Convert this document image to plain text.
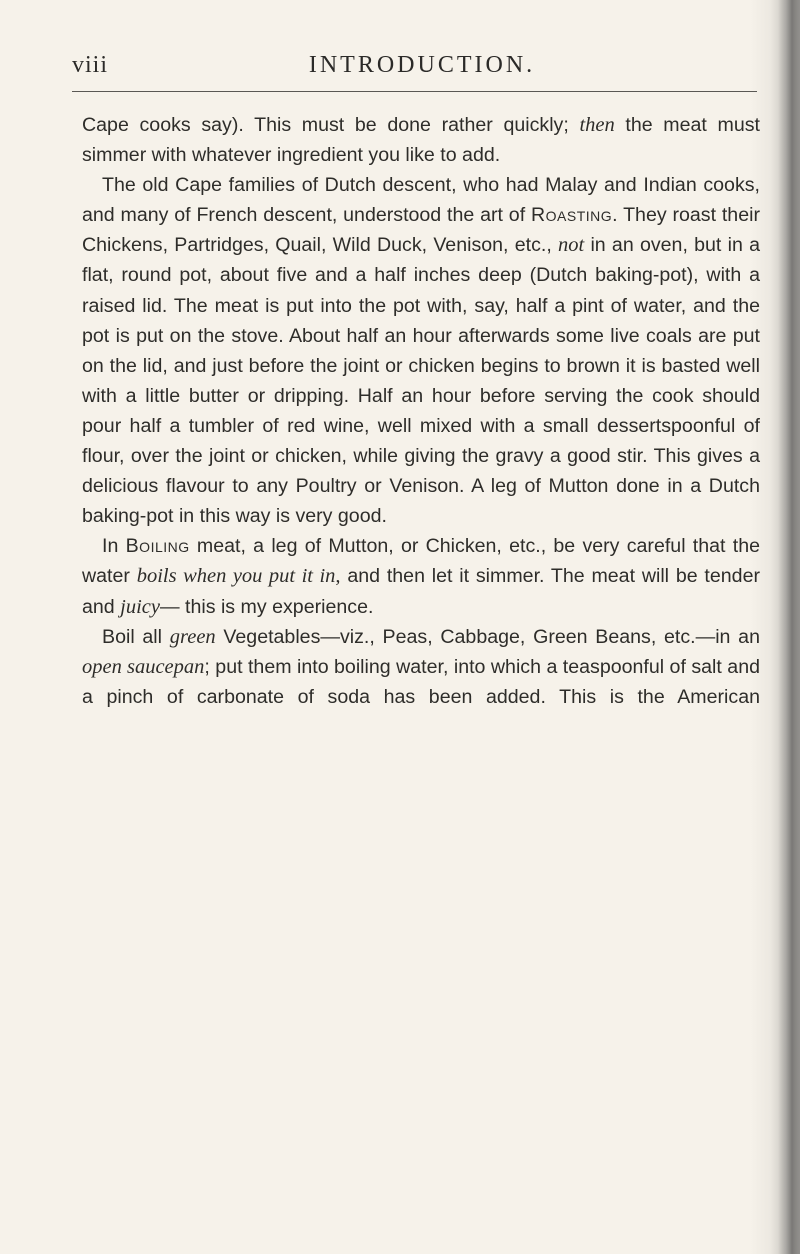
viii	INTRODUCTION.

Cape cooks say). This must be done rather quickly; then the meat must simmer with whatever ingredient you like to add.

The old Cape families of Dutch descent, who had Malay and Indian cooks, and many of French descent, understood the art of Roasting. They roast their Chickens, Partridges, Quail, Wild Duck, Venison, etc., not in an oven, but in a flat, round pot, about five and a half inches deep (Dutch baking-pot), with a raised lid. The meat is put into the pot with, say, half a pint of water, and the pot is put on the stove. About half an hour afterwards some live coals are put on the lid, and just before the joint or chicken begins to brown it is basted well with a little butter or dripping. Half an hour before serving the cook should pour half a tumbler of red wine, well mixed with a small dessertspoonful of flour, over the joint or chicken, while giving the gravy a good stir. This gives a delicious flavour to any Poultry or Venison. A leg of Mutton done in a Dutch baking-pot in this way is very good.

In Boiling meat, a leg of Mutton, or Chicken, etc., be very careful that the water boils when you put it in, and then let it simmer. The meat will be tender and juicy— this is my experience.

Boil all green Vegetables—viz., Peas, Cabbage, Green Beans, etc.—in an open saucepan; put them into boiling water, into which a teaspoonful of salt and a pinch of carbonate of soda has been added. This is the American
